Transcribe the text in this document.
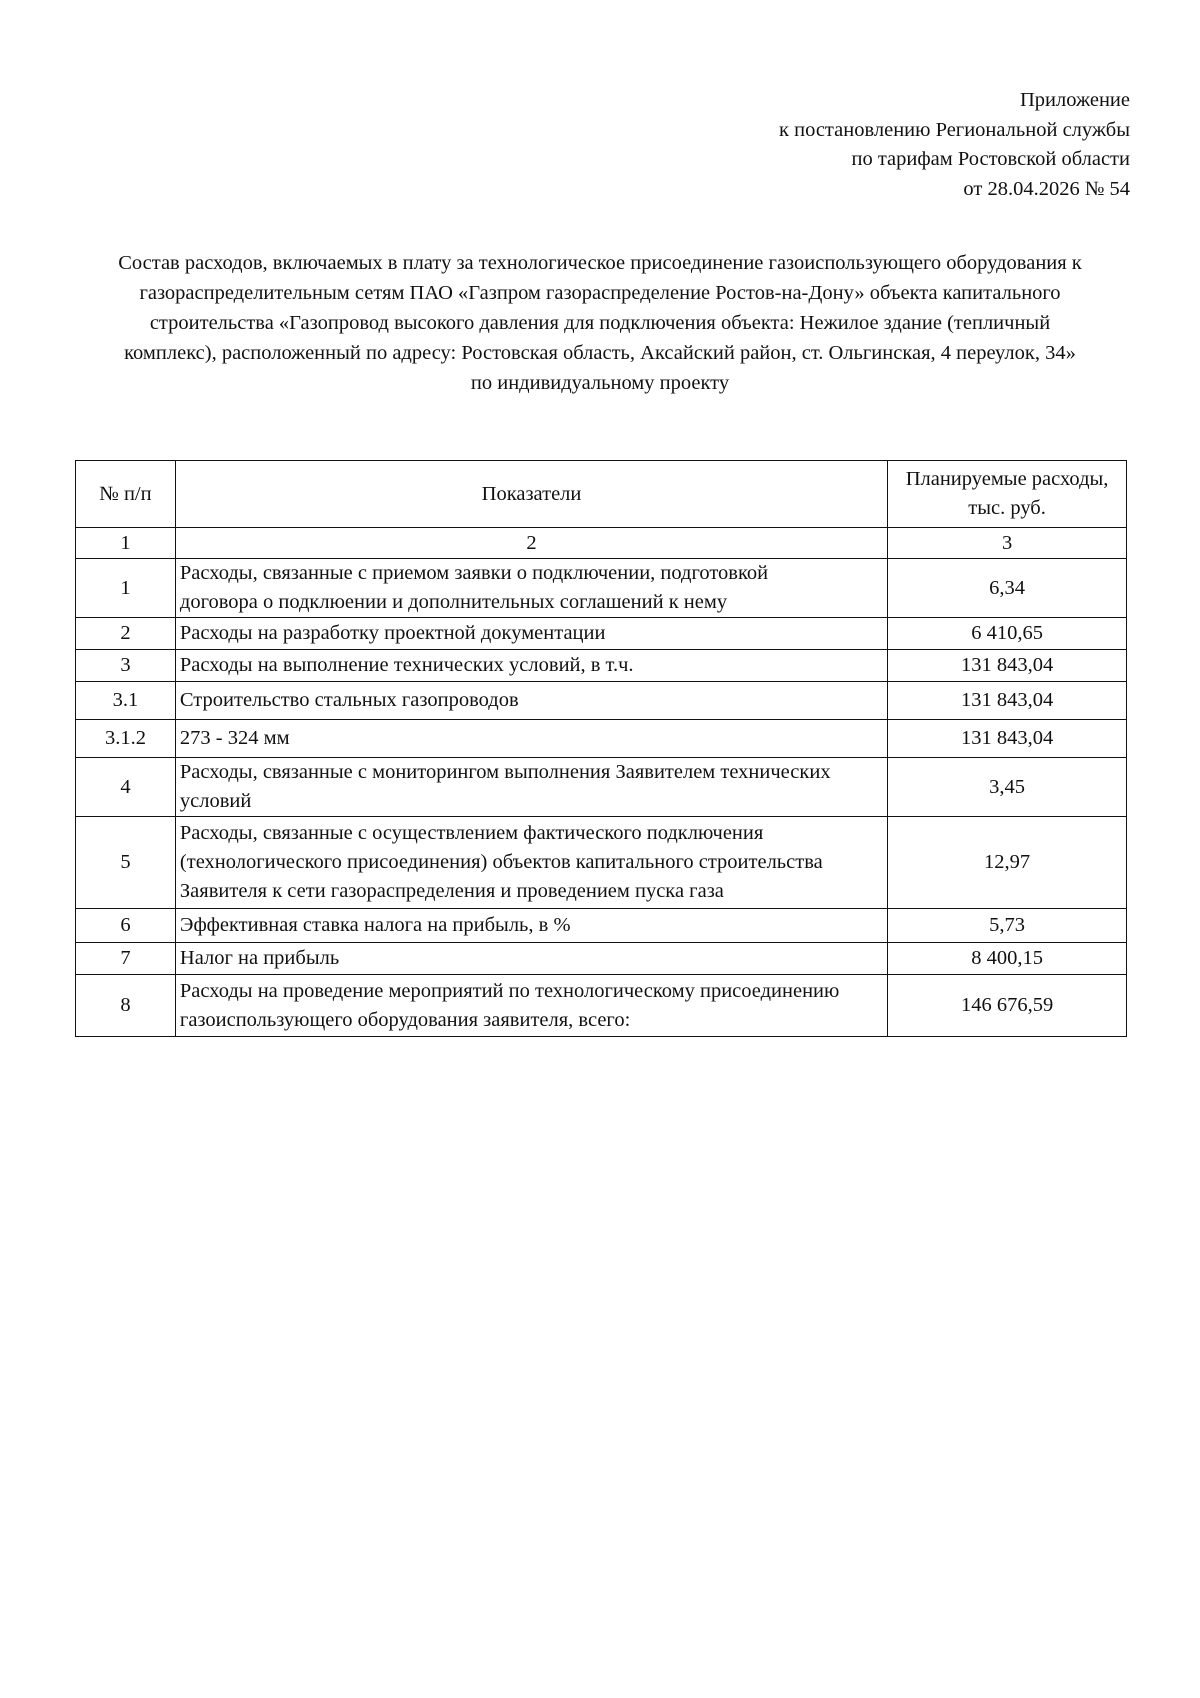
Приложение
к постановлению Региональной службы
по тарифам Ростовской области
от 28.04.2026 № 54
Состав расходов, включаемых в плату за технологическое присоединение газоиспользующего оборудования к
газораспределительным сетям ПАО «Газпром газораспределение Ростов-на-Дону» объекта капитального
строительства «Газопровод высокого давления для подключения объекта: Нежилое здание (тепличный
комплекс), расположенный по адресу: Ростовская область, Аксайский район, ст. Ольгинская, 4 переулок, 34»
по индивидуальному проекту
№ п/п	Показатели	Планируемые расходы,
тыс. руб.

1	2	3
1	Расходы, связанные с приемом заявки о подключении, подготовкой
договора о подклюении и дополнительных соглашений к нему	6,34
2	Расходы на разработку проектной документации	6 410,65
3	Расходы на выполнение технических условий, в т.ч.	131 843,04
3.1	Строительство стальных газопроводов	131 843,04
3.1.2	273 - 324 мм	131 843,04
4	Расходы, связанные с мониторингом выполнения Заявителем технических
условий	3,45
5	Расходы, связанные с осуществлением фактического подключения
(технологического присоединения) объектов капитального строительства
Заявителя к сети газораспределения и проведением пуска газа	12,97
6	Эффективная ставка налога на прибыль, в %	5,73
7	Налог на прибыль	8 400,15
8	Расходы на проведение мероприятий по технологическому присоединению
газоиспользующего оборудования заявителя, всего:	146 676,59
